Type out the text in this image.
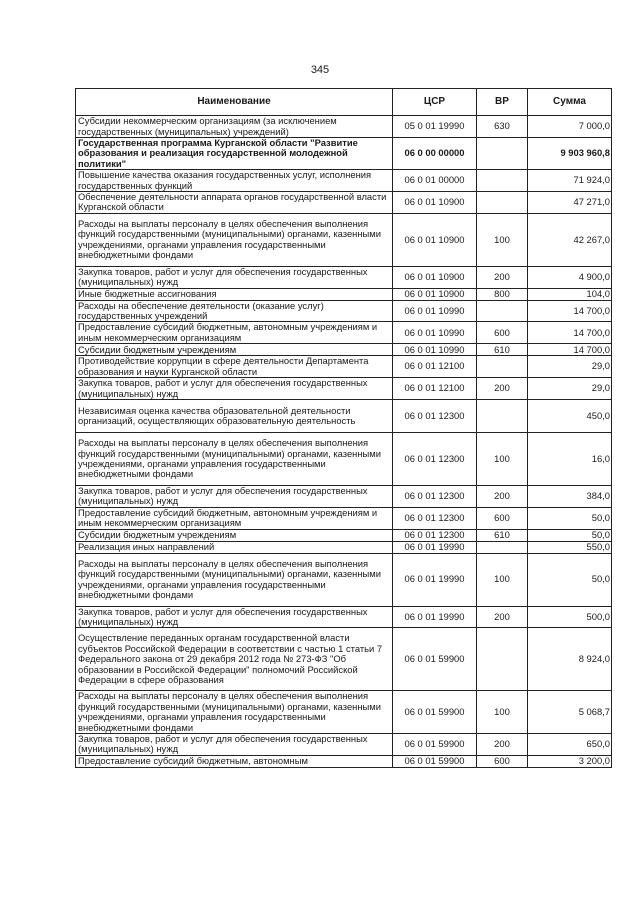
345
Наименование	ЦСР	ВР	Сумма
Субсидии некоммерческим организациям (за исключением государственных (муниципальных) учреждений)	05 0 01 19990	630	7 000,0
Государственная программа Курганской области "Развитие образования и реализация государственной молодежной политики"	06 0 00 00000		9 903 960,8
Повышение качества оказания государственных услуг, исполнения государственных функций	06 0 01 00000		71 924,0
Обеспечение деятельности аппарата органов государственной власти Курганской области	06 0 01 10900		47 271,0
Расходы на выплаты персоналу в целях обеспечения выполнения функций государственными (муниципальными) органами, казенными учреждениями, органами управления государственными внебюджетными фондами	06 0 01 10900	100	42 267,0
Закупка товаров, работ и услуг для обеспечения государственных (муниципальных) нужд	06 0 01 10900	200	4 900,0
Иные бюджетные ассигнования	06 0 01 10900	800	104,0
Расходы на обеспечение деятельности (оказание услуг) государственных учреждений	06 0 01 10990		14 700,0
Предоставление субсидий бюджетным, автономным учреждениям и иным некоммерческим организациям	06 0 01 10990	600	14 700,0
Субсидии бюджетным учреждениям	06 0 01 10990	610	14 700,0
Противодействие коррупции в сфере деятельности Департамента образования и науки Курганской области	06 0 01 12100		29,0
Закупка товаров, работ и услуг для обеспечения государственных (муниципальных) нужд	06 0 01 12100	200	29,0
Независимая оценка качества образовательной деятельности организаций, осуществляющих образовательную деятельность	06 0 01 12300		450,0
Расходы на выплаты персоналу в целях обеспечения выполнения функций государственными (муниципальными) органами, казенными учреждениями, органами управления государственными внебюджетными фондами	06 0 01 12300	100	16,0
Закупка товаров, работ и услуг для обеспечения государственных (муниципальных) нужд	06 0 01 12300	200	384,0
Предоставление субсидий бюджетным, автономным учреждениям и иным некоммерческим организациям	06 0 01 12300	600	50,0
Субсидии бюджетным учреждениям	06 0 01 12300	610	50,0
Реализация иных направлений	06 0 01 19990		550,0
Расходы на выплаты персоналу в целях обеспечения выполнения функций государственными (муниципальными) органами, казенными учреждениями, органами управления государственными внебюджетными фондами	06 0 01 19990	100	50,0
Закупка товаров, работ и услуг для обеспечения государственных (муниципальных) нужд	06 0 01 19990	200	500,0
Осуществление переданных органам государственной власти субъектов Российской Федерации в соответствии с частью 1 статьи 7 Федерального закона от 29 декабря 2012 года № 273-ФЗ "Об образовании в Российской Федерации" полномочий Российской Федерации в сфере образования	06 0 01 59900		8 924,0
Расходы на выплаты персоналу в целях обеспечения выполнения функций государственными (муниципальными) органами, казенными учреждениями, органами управления государственными внебюджетными фондами	06 0 01 59900	100	5 068,7
Закупка товаров, работ и услуг для обеспечения государственных (муниципальных) нужд	06 0 01 59900	200	650,0
Предоставление субсидий бюджетным, автономным	06 0 01 59900	600	3 200,0
